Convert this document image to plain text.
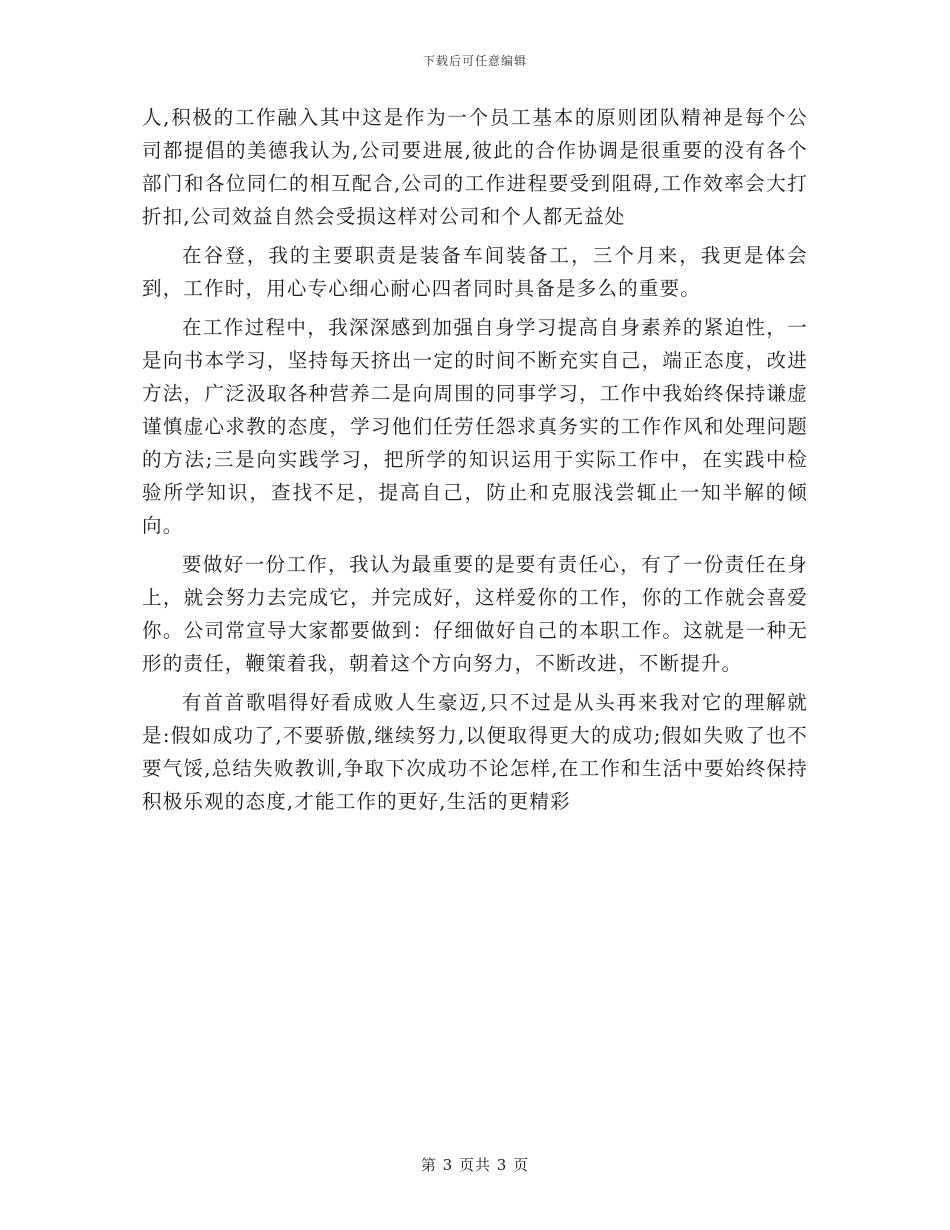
下载后可任意编辑

人,积极的工作融入其中这是作为一个员工基本的原则团队精神是每个公司都提倡的美德我认为,公司要进展,彼此的合作协调是很重要的没有各个部门和各位同仁的相互配合,公司的工作进程要受到阻碍,工作效率会大打折扣,公司效益自然会受损这样对公司和个人都无益处

在谷登，我的主要职责是装备车间装备工，三个月来，我更是体会到，工作时，用心专心细心耐心四者同时具备是多么的重要。

在工作过程中，我深深感到加强自身学习提高自身素养的紧迫性，一是向书本学习，坚持每天挤出一定的时间不断充实自己，端正态度，改进方法，广泛汲取各种营养二是向周围的同事学习，工作中我始终保持谦虚谨慎虚心求教的态度，学习他们任劳任怨求真务实的工作作风和处理问题的方法;三是向实践学习，把所学的知识运用于实际工作中，在实践中检验所学知识，查找不足，提高自己，防止和克服浅尝辄止一知半解的倾向。

要做好一份工作，我认为最重要的是要有责任心，有了一份责任在身上，就会努力去完成它，并完成好，这样爱你的工作，你的工作就会喜爱你。公司常宣导大家都要做到：仔细做好自己的本职工作。这就是一种无形的责任，鞭策着我，朝着这个方向努力，不断改进，不断提升。

有首首歌唱得好看成败人生豪迈,只不过是从头再来我对它的理解就是:假如成功了,不要骄傲,继续努力,以便取得更大的成功;假如失败了也不要气馁,总结失败教训,争取下次成功不论怎样,在工作和生活中要始终保持积极乐观的态度,才能工作的更好,生活的更精彩

第 3 页共 3 页
